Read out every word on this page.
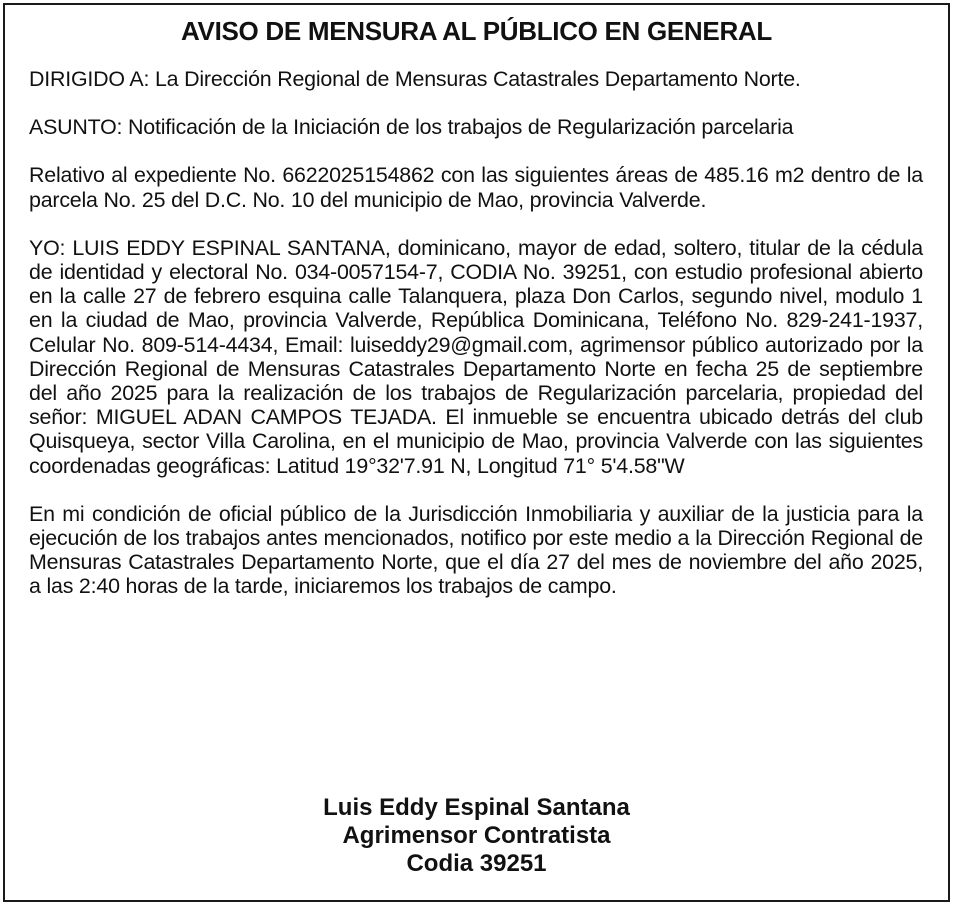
AVISO DE MENSURA AL PÚBLICO EN GENERAL

DIRIGIDO A: La Dirección Regional de Mensuras Catastrales Departamento Norte.

ASUNTO: Notificación de la Iniciación de los trabajos de Regularización parcelaria

Relativo al expediente No. 6622025154862 con las siguientes áreas de 485.16 m2 dentro de la parcela No. 25 del D.C. No. 10 del municipio de Mao, provincia Valverde.

YO: LUIS EDDY ESPINAL SANTANA, dominicano, mayor de edad, soltero, titular de la cédula de identidad y electoral No. 034-0057154-7, CODIA No. 39251, con estudio profesional abierto en la calle 27 de febrero esquina calle Talanquera, plaza Don Carlos, segundo nivel, modulo 1 en la ciudad de Mao, provincia Valverde, República Dominicana, Teléfono No. 829-241-1937, Celular No. 809-514-4434, Email: luiseddy29@gmail.com, agrimensor público autorizado por la Dirección Regional de Mensuras Catastrales Departamento Norte en fecha 25 de septiembre del año 2025 para la realización de los trabajos de Regularización parcelaria, propiedad del señor: MIGUEL ADAN CAMPOS TEJADA. El inmueble se encuentra ubicado detrás del club Quisqueya, sector Villa Carolina, en el municipio de Mao, provincia Valverde con las siguientes coordenadas geográficas: Latitud 19°32'7.91 N, Longitud 71° 5'4.58"W

En mi condición de oficial público de la Jurisdicción Inmobiliaria y auxiliar de la justicia para la ejecución de los trabajos antes mencionados, notifico por este medio a la Dirección Regional de Mensuras Catastrales Departamento Norte, que el día 27 del mes de noviembre del año 2025, a las 2:40 horas de la tarde, iniciaremos los trabajos de campo.

Luis Eddy Espinal Santana
Agrimensor Contratista
Codia 39251
